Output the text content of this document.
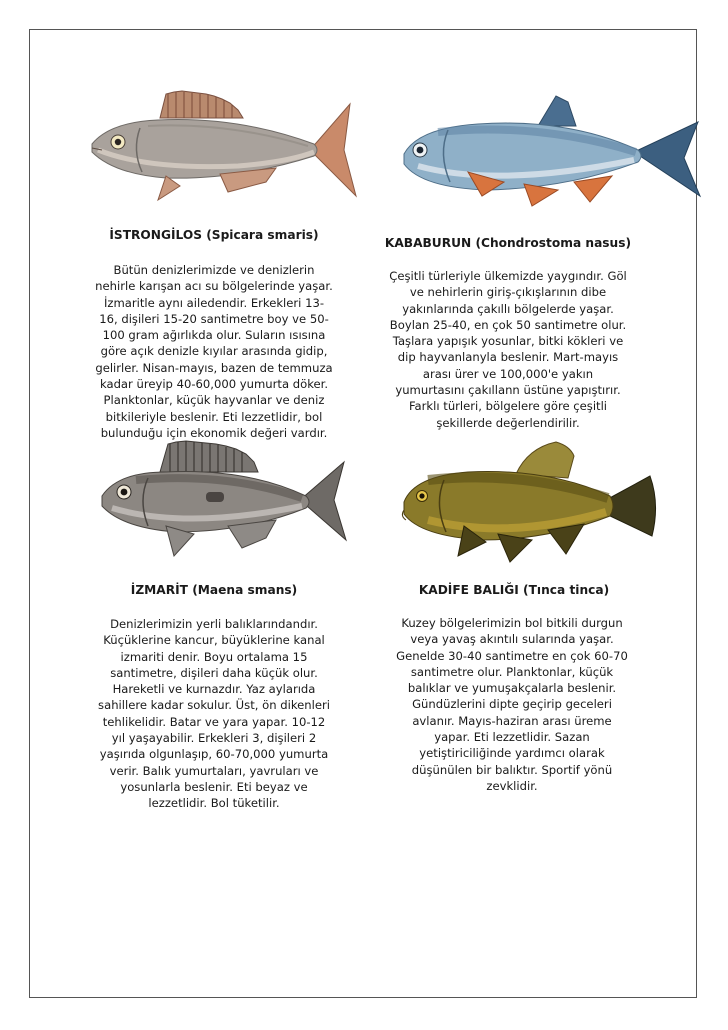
İSTRONGİLOS (Spicara smaris)
Bütün denizlerimizde ve denizlerin
nehirle karışan acı su bölgelerinde yaşar.
İzmaritle aynı ailedendir. Erkekleri 13-
16, dişileri 15-20 santimetre boy ve 50-
100 gram ağırlıkda olur. Suların ısısına
göre açık denizle kıyılar arasında gidip,
gelirler. Nisan-mayıs, bazen de temmuza
kadar üreyip 40-60,000 yumurta döker.
Planktonlar, küçük hayvanlar ve deniz
bitkileriyle beslenir. Eti lezzetlidir, bol
bulunduğu için ekonomik değeri vardır.
KABABURUN (Chondrostoma nasus)
Çeşitli türleriyle ülkemizde yaygındır. Göl
ve nehirlerin giriş-çıkışlarının dibe
yakınlarında çakıllı bölgelerde yaşar.
Boylan 25-40, en çok 50 santimetre olur.
Taşlara yapışık yosunlar, bitki kökleri ve
dip hayvanlanyla beslenir. Mart-mayıs
arası ürer ve 100,000'e yakın
yumurtasını çakıllann üstüne yapıştırır.
Farklı türleri, bölgelere göre çeşitli
şekillerde değerlendirilir.
İZMARİT (Maena smans)
Denizlerimizin yerli balıklarındandır.
Küçüklerine kancur, büyüklerine kanal
izmariti denir. Boyu ortalama 15
santimetre, dişileri daha küçük olur.
Hareketli ve kurnazdır. Yaz aylarıda
sahillere kadar sokulur. Üst, ön dikenleri
tehlikelidir. Batar ve yara yapar. 10-12
yıl yaşayabilir. Erkekleri 3, dişileri 2
yaşırıda olgunlaşıp, 60-70,000 yumurta
verir. Balık yumurtaları, yavruları ve
yosunlarla beslenir. Eti beyaz ve
lezzetlidir. Bol tüketilir.
KADİFE BALIĞI (Tınca tinca)
Kuzey bölgelerimizin bol bitkili durgun
veya yavaş akıntılı sularında yaşar.
Genelde 30-40 santimetre en çok 60-70
santimetre olur. Planktonlar, küçük
balıklar ve yumuşakçalarla beslenir.
Gündüzlerini dipte geçirip geceleri
avlanır. Mayıs-haziran arası üreme
yapar. Eti lezzetlidir. Sazan
yetiştiriciliğinde yardımcı olarak
düşünülen bir balıktır. Sportif yönü
zevklidir.
